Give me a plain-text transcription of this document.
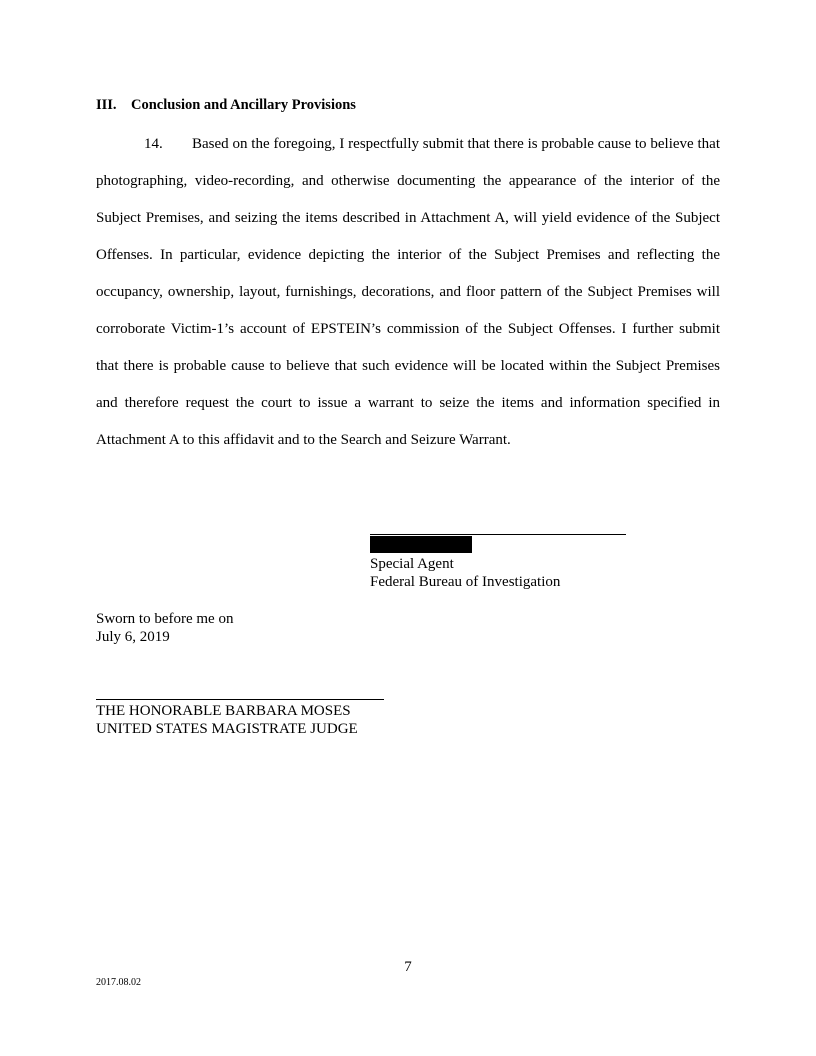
III. Conclusion and Ancillary Provisions
14. Based on the foregoing, I respectfully submit that there is probable cause to believe that photographing, video-recording, and otherwise documenting the appearance of the interior of the Subject Premises, and seizing the items described in Attachment A, will yield evidence of the Subject Offenses. In particular, evidence depicting the interior of the Subject Premises and reflecting the occupancy, ownership, layout, furnishings, decorations, and floor pattern of the Subject Premises will corroborate Victim-1’s account of EPSTEIN’s commission of the Subject Offenses. I further submit that there is probable cause to believe that such evidence will be located within the Subject Premises and therefore request the court to issue a warrant to seize the items and information specified in Attachment A to this affidavit and to the Search and Seizure Warrant.
Special Agent
Federal Bureau of Investigation
Sworn to before me on
July 6, 2019
THE HONORABLE BARBARA MOSES
UNITED STATES MAGISTRATE JUDGE
7
2017.08.02
